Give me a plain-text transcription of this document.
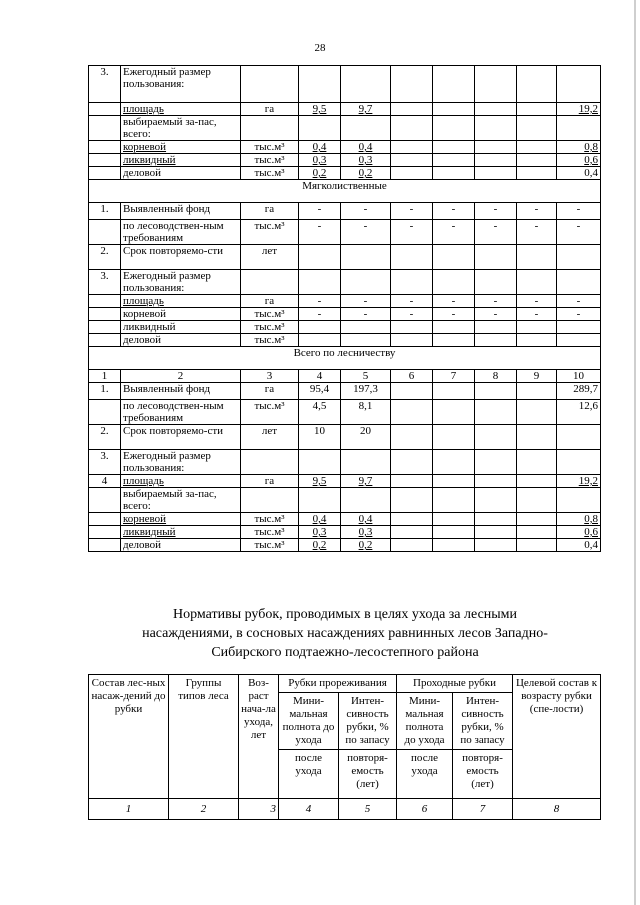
28
3.	Ежегодный размер пользования:								
	площадь	га	9,5	9,7					19,2
	выбираемый за-пас, всего:								
	корневой	тыс.м³	0,4	0,4					0,8
	ликвидный	тыс.м³	0,3	0,3					0,6
	деловой	тыс.м³	0,2	0,2					0,4
Мягколиственные									
1.	Выявленный фонд	га	-	-	-	-	-	-	-
	по лесоводствен-ным требованиям	тыс.м³	-	-	-	-	-	-	-
2.	Срок повторяемо-сти	лет							
3.	Ежегодный размер пользования:								
	площадь	га	-	-	-	-	-	-	-
	корневой	тыс.м³	-	-	-	-	-	-	-
	ликвидный	тыс.м³							
	деловой	тыс.м³							
Всего по лесничеству									
1	2	3	4	5	6	7	8	9	10
1.	Выявленный фонд	га	95,4	197,3					289,7
	по лесоводствен-ным требованиям	тыс.м³	4,5	8,1					12,6
2.	Срок повторяемо-сти	лет	10	20					
3.	Ежегодный размер пользования:								
4	площадь	га	9,5	9,7					19,2
	выбираемый за-пас, всего:								
	корневой	тыс.м³	0,4	0,4					0,8
	ликвидный	тыс.м³	0,3	0,3					0,6
	деловой	тыс.м³	0,2	0,2					0,4
Нормативы рубок, проводимых в целях ухода за лесными насаждениями, в сосновых насаждениях равнинных лесов Западно-Сибирского подтаежно-лесостепного района
Состав лес-ных насаж-дений до рубки	Группы типов леса	Воз-раст нача-ла ухода, лет	Рубки прореживания		Проходные рубки		Целевой состав к возрасту рубки (спе-лости)
			Мини-мальная полнота до ухода	Интен-сивность рубки, % по запасу	Мини-мальная полнота до ухода	Интен-сивность рубки, % по запасу	
			после ухода	повторя-емость (лет)	после ухода	повторя-емость (лет)	
1	2	3	4	5	6	7	8
